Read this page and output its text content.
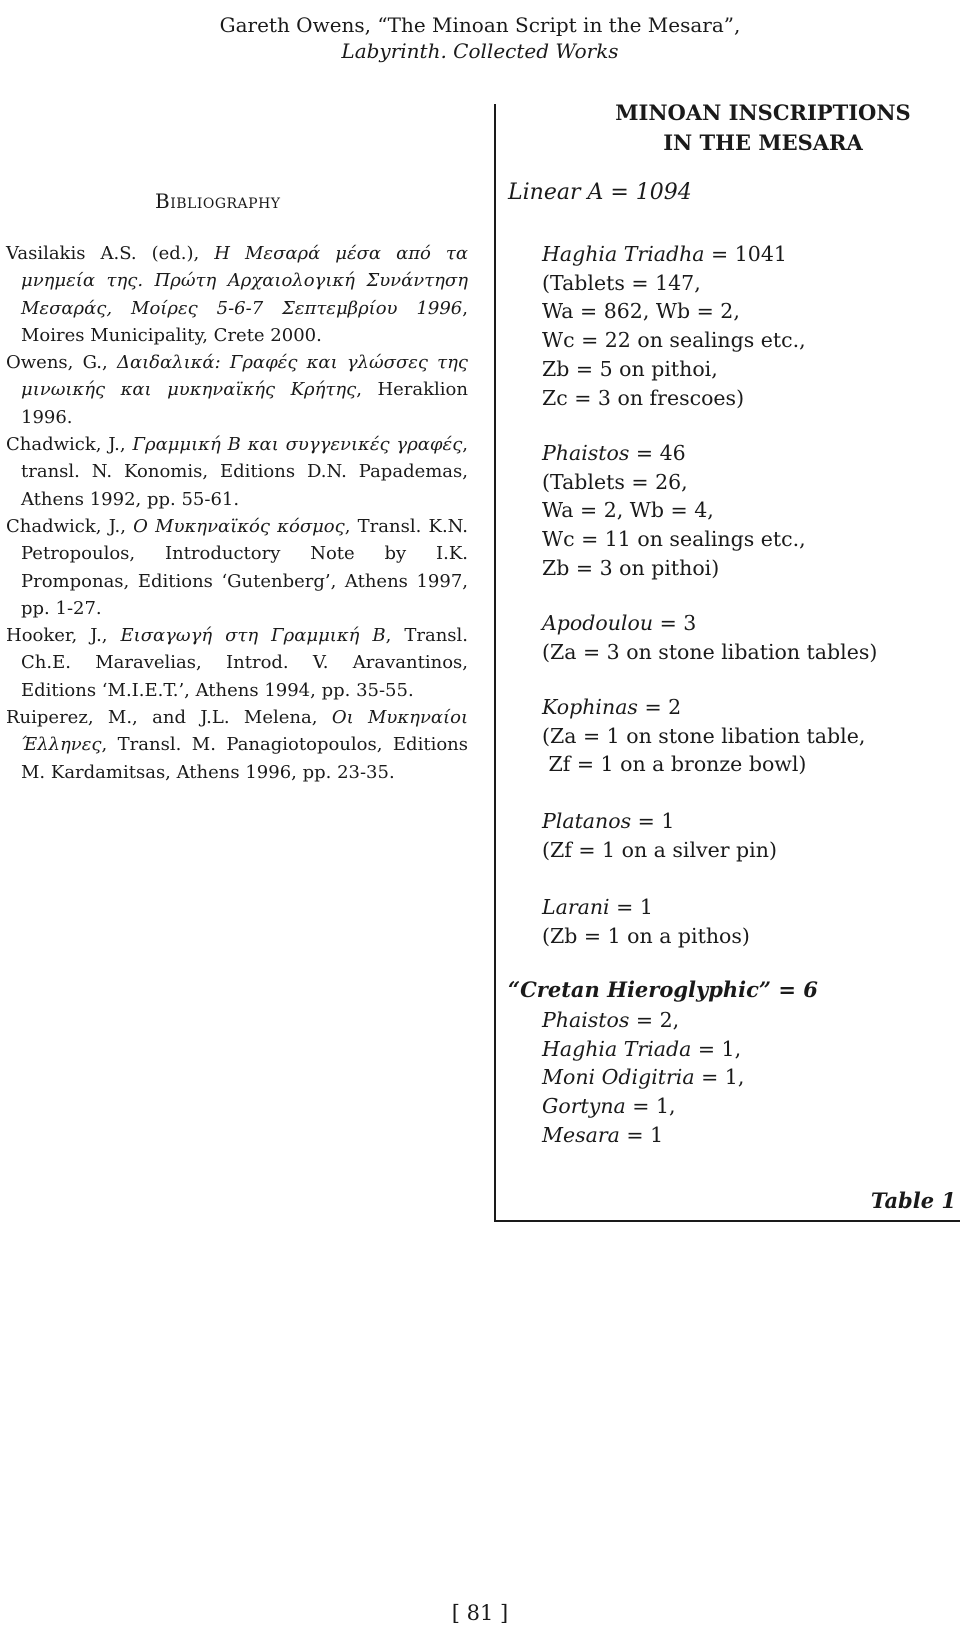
Gareth Owens, “The Minoan Script in the Mesara”,
Labyrinth. Collected Works
Bibliography
Vasilakis A.S. (ed.), Η Μεσαρά μέσα από τα μνημεία της. Πρώτη Αρχαιολογική Συνάντηση Μεσαράς, Μοίρες 5-6-7 Σεπτεμβρίου 1996, Moires Municipality, Crete 2000.
Owens, G., Δαιδαλικά: Γραφές και γλώσσες της μινωικής και μυκηναϊκής Κρήτης, Heraklion 1996.
Chadwick, J., Γραμμική Β και συγγενικές γραφές, transl. N. Konomis, Editions D.N. Papademas, Athens 1992, pp. 55-61.
Chadwick, J., Ο Μυκηναϊκός κόσμος, Transl. K.N. Petropoulos, Introductory Note by I.K. Promponas, Editions ‘Gutenberg’, Athens 1997, pp. 1-27.
Hooker, J., Εισαγωγή στη Γραμμική Β, Transl. Ch.E. Maravelias, Introd. V. Aravantinos, Editions ‘M.I.E.T.’, Athens 1994, pp. 35-55.
Ruiperez, M., and J.L. Melena, Οι Μυκηναίοι Έλληνες, Transl. M. Panagiotopoulos, Editions M. Kardamitsas, Athens 1996, pp. 23-35.
MINOAN INSCRIPTIONS
IN THE MESARA
Linear A = 1094
Haghia Triadha = 1041
(Tablets = 147,
Wa = 862, Wb = 2,
Wc = 22 on sealings etc.,
Zb = 5 on pithoi,
Zc = 3 on frescoes)
Phaistos = 46
(Tablets = 26,
Wa = 2, Wb = 4,
Wc = 11 on sealings etc.,
Zb = 3 on pithoi)
Apodoulou = 3
(Za = 3 on stone libation tables)
Kophinas = 2
(Za = 1 on stone libation table,
Zf = 1 on a bronze bowl)
Platanos = 1
(Zf = 1 on a silver pin)
Larani = 1
(Zb = 1 on a pithos)
“Cretan Hieroglyphic” = 6
Phaistos = 2,
Haghia Triada = 1,
Moni Odigitria = 1,
Gortyna = 1,
Mesara = 1
Table 1
[ 81 ]
